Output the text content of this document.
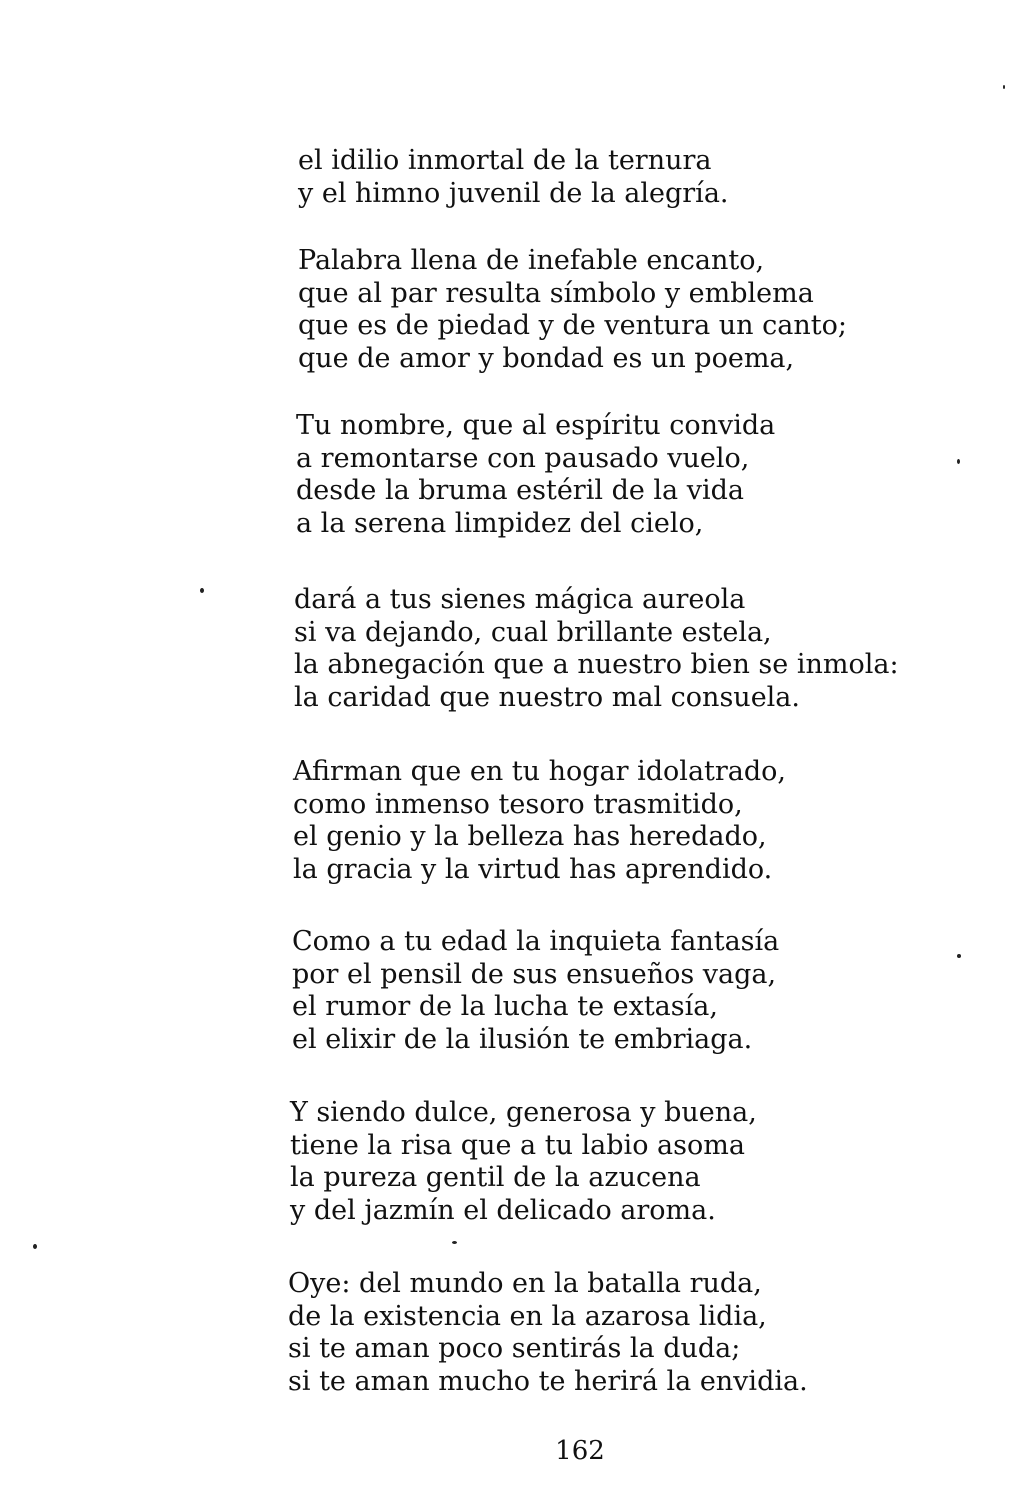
el idilio inmortal de la ternura
y el himno juvenil de la alegría.
Palabra llena de inefable encanto,
que al par resulta símbolo y emblema
que es de piedad y de ventura un canto;
que de amor y bondad es un poema,
Tu nombre, que al espíritu convida
a remontarse con pausado vuelo,
desde la bruma estéril de la vida
a la serena limpidez del cielo,
dará a tus sienes mágica aureola
si va dejando, cual brillante estela,
la abnegación que a nuestro bien se inmola:
la caridad que nuestro mal consuela.
Afirman que en tu hogar idolatrado,
como inmenso tesoro trasmitido,
el genio y la belleza has heredado,
la gracia y la virtud has aprendido.
Como a tu edad la inquieta fantasía
por el pensil de sus ensueños vaga,
el rumor de la lucha te extasía,
el elixir de la ilusión te embriaga.
Y siendo dulce, generosa y buena,
tiene la risa que a tu labio asoma
la pureza gentil de la azucena
y del jazmín el delicado aroma.
Oye: del mundo en la batalla ruda,
de la existencia en la azarosa lidia,
si te aman poco sentirás la duda;
si te aman mucho te herirá la envidia.
162
